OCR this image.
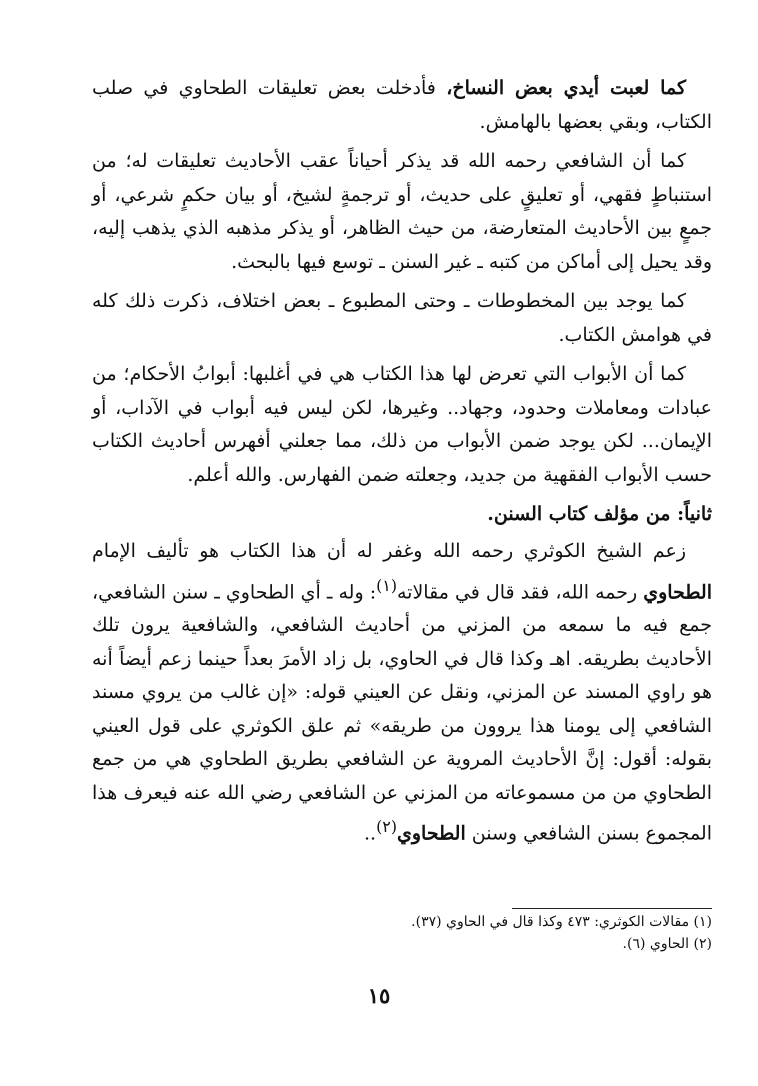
كما لعبت أيدي بعض النساخ، فأدخلت بعض تعليقات الطحاوي في صلب الكتاب، وبقي بعضها بالهامش.

كما أن الشافعي رحمه الله قد يذكر أحياناً عقب الأحاديث تعليقات له؛ من استنباطٍ فقهي، أو تعليقٍ على حديث، أو ترجمةٍ لشيخ، أو بيان حكمٍ شرعي، أو جمعٍ بين الأحاديث المتعارضة، من حيث الظاهر، أو يذكر مذهبه الذي يذهب إليه، وقد يحيل إلى أماكن من كتبه ـ غير السنن ـ توسع فيها بالبحث.

كما يوجد بين المخطوطات ـ وحتى المطبوع ـ بعض اختلاف، ذكرت ذلك كله في هوامش الكتاب.

كما أن الأبواب التي تعرض لها هذا الكتاب هي في أغلبها: أبوابُ الأحكام؛ من عبادات ومعاملات وحدود، وجهاد.. وغيرها، لكن ليس فيه أبواب في الآداب، أو الإيمان... لكن يوجد ضمن الأبواب من ذلك، مما جعلني أفهرس أحاديث الكتاب حسب الأبواب الفقهية من جديد، وجعلته ضمن الفهارس. والله أعلم.

ثانياً: من مؤلف كتاب السنن.

زعم الشيخ الكوثري رحمه الله وغفر له أن هذا الكتاب هو تأليف الإمام الطحاوي رحمه الله، فقد قال في مقالاته$^{(١)}$: وله ـ أي الطحاوي ـ سنن الشافعي، جمع فيه ما سمعه من المزني من أحاديث الشافعي، والشافعية يرون تلك الأحاديث بطريقه. اهـ وكذا قال في الحاوي، بل زاد الأمرَ بعداً حينما زعم أيضاً أنه هو راوي المسند عن المزني، ونقل عن العيني قوله: «إن غالب من يروي مسند الشافعي إلى يومنا هذا يروون من طريقه» ثم علق الكوثري على قول العيني بقوله: أقول: إنَّ الأحاديث المروية عن الشافعي بطريق الطحاوي هي من جمع الطحاوي من من مسموعاته من المزني عن الشافعي رضي الله عنه فيعرف هذا المجموع بسنن الشافعي وسنن الطحاوي$^{(٢)}$..

(١) مقالات الكوثري: ٤٧٣ وكذا قال في الحاوي (٣٧).
(٢) الحاوي (٦).
١٥
